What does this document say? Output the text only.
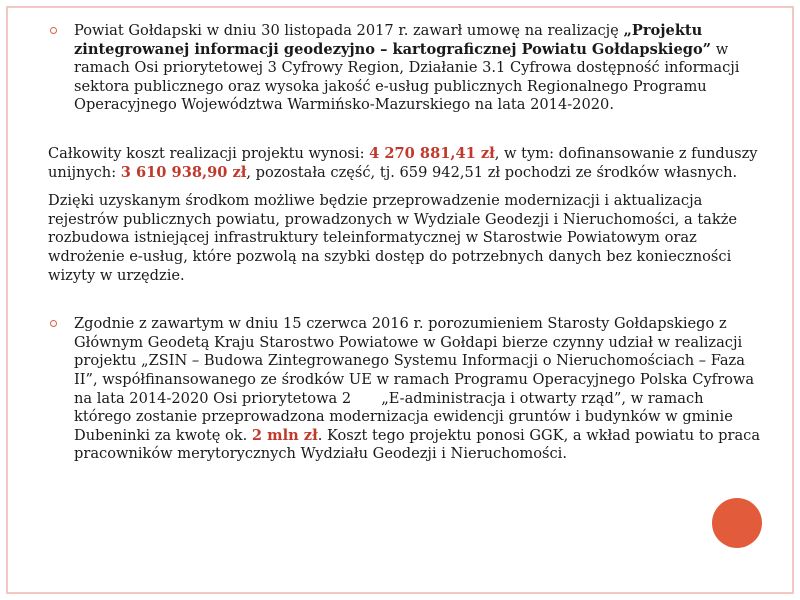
Powiat Gołdapski w dniu 30 listopada 2017 r. zawarł umowę na realizację „Projektu zintegrowanej informacji geodezyjno – kartograficznej Powiatu Gołdapskiego” w ramach Osi priorytetowej 3 Cyfrowy Region, Działanie 3.1 Cyfrowa dostępność informacji sektora publicznego oraz wysoka jakość e-usług publicznych Regionalnego Programu Operacyjnego Województwa Warmińsko-Mazurskiego na lata 2014-2020.

Całkowity koszt realizacji projektu wynosi: 4 270 881,41 zł, w tym: dofinansowanie z funduszy unijnych: 3 610 938,90 zł, pozostała część, tj. 659 942,51 zł pochodzi ze środków własnych.

Dzięki uzyskanym środkom możliwe będzie przeprowadzenie modernizacji i aktualizacja rejestrów publicznych powiatu, prowadzonych w Wydziale Geodezji i Nieruchomości, a także rozbudowa istniejącej infrastruktury teleinformatycznej w Starostwie Powiatowym oraz wdrożenie e-usług, które pozwolą na szybki dostęp do potrzebnych danych bez konieczności wizyty w urzędzie.

Zgodnie z zawartym w dniu 15 czerwca 2016 r. porozumieniem Starosty Gołdapskiego z Głównym Geodetą Kraju Starostwo Powiatowe w Gołdapi bierze czynny udział w realizacji projektu „ZSIN – Budowa Zintegrowanego Systemu Informacji o Nieruchomościach – Faza II”, współfinansowanego ze środków UE w ramach Programu Operacyjnego Polska Cyfrowa na lata 2014-2020 Osi priorytetowa 2 „E-administracja i otwarty rząd”, w ramach którego zostanie przeprowadzona modernizacja ewidencji gruntów i budynków w gminie Dubeninki za kwotę ok. 2 mln zł. Koszt tego projektu ponosi GGK, a wkład powiatu to praca pracowników merytorycznych Wydziału Geodezji i Nieruchomości.
